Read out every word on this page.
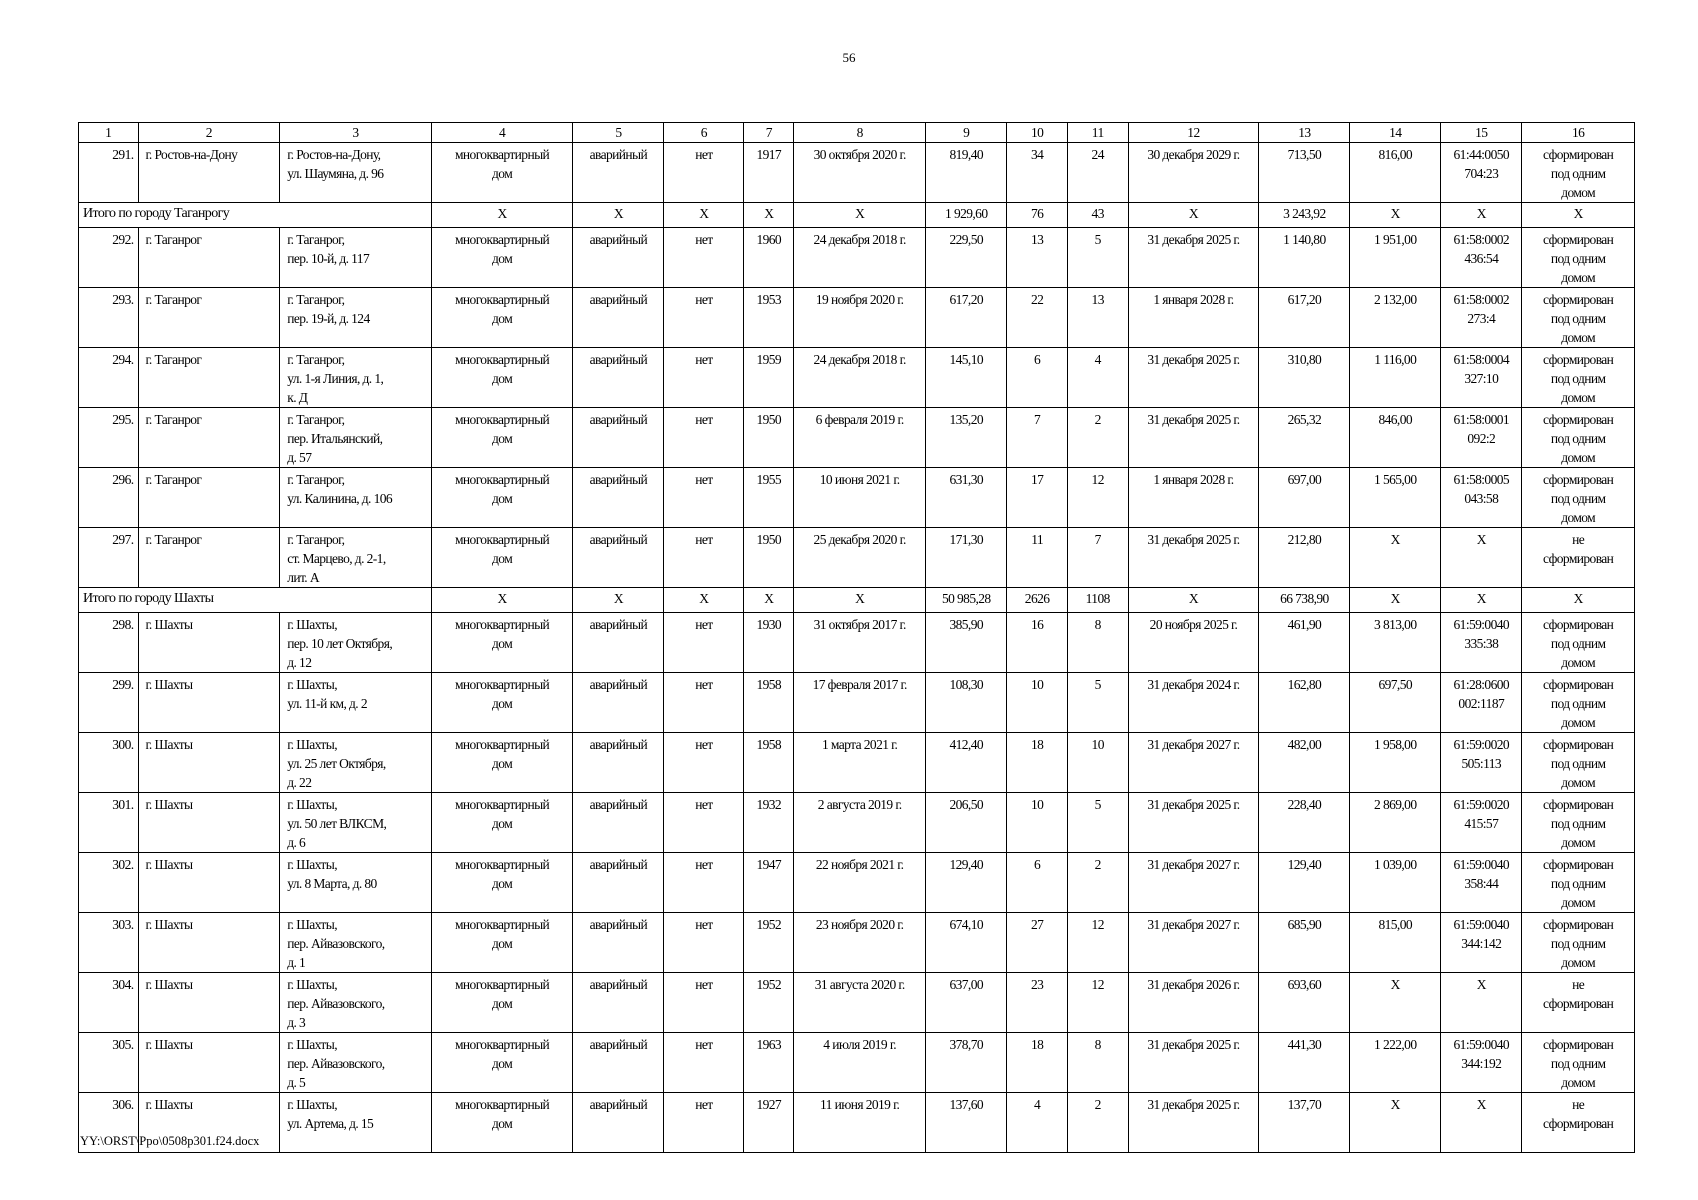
56
1	2	3	4	5	6	7	8	9	10	11	12	13	14	15	16
291.	г. Ростов-на-Дону	г. Ростов-на-Дону,
ул. Шаумяна, д. 96	многоквартирный
дом	аварийный	нет	1917	30 октября 2020 г.	819,40	34	24	30 декабря 2029 г.	713,50	816,00	61:44:0050
704:23	сформирован
под одним
домом
Итого по городу Таганрогу			Х	Х	Х	Х	Х	1 929,60	76	43	Х	3 243,92	Х	Х	Х
292.	г. Таганрог	г. Таганрог,
пер. 10-й, д. 117	многоквартирный
дом	аварийный	нет	1960	24 декабря 2018 г.	229,50	13	5	31 декабря 2025 г.	1 140,80	1 951,00	61:58:0002
436:54	сформирован
под одним
домом
293.	г. Таганрог	г. Таганрог,
пер. 19-й, д. 124	многоквартирный
дом	аварийный	нет	1953	19 ноября 2020 г.	617,20	22	13	1 января 2028 г.	617,20	2 132,00	61:58:0002
273:4	сформирован
под одним
домом
294.	г. Таганрог	г. Таганрог,
ул. 1-я Линия, д. 1,
к. Д	многоквартирный
дом	аварийный	нет	1959	24 декабря 2018 г.	145,10	6	4	31 декабря 2025 г.	310,80	1 116,00	61:58:0004
327:10	сформирован
под одним
домом
295.	г. Таганрог	г. Таганрог,
пер. Итальянский,
д. 57	многоквартирный
дом	аварийный	нет	1950	6 февраля 2019 г.	135,20	7	2	31 декабря 2025 г.	265,32	846,00	61:58:0001
092:2	сформирован
под одним
домом
296.	г. Таганрог	г. Таганрог,
ул. Калинина, д. 106	многоквартирный
дом	аварийный	нет	1955	10 июня 2021 г.	631,30	17	12	1 января 2028 г.	697,00	1 565,00	61:58:0005
043:58	сформирован
под одним
домом
297.	г. Таганрог	г. Таганрог,
ст. Марцево, д. 2-1,
лит. А	многоквартирный
дом	аварийный	нет	1950	25 декабря 2020 г.	171,30	11	7	31 декабря 2025 г.	212,80	Х	Х	не
сформирован
Итого по городу Шахты			Х	Х	Х	Х	Х	50 985,28	2626	1108	Х	66 738,90	Х	Х	Х
298.	г. Шахты	г. Шахты,
пер. 10 лет Октября,
д. 12	многоквартирный
дом	аварийный	нет	1930	31 октября 2017 г.	385,90	16	8	20 ноября 2025 г.	461,90	3 813,00	61:59:0040
335:38	сформирован
под одним
домом
299.	г. Шахты	г. Шахты,
ул. 11-й км, д. 2	многоквартирный
дом	аварийный	нет	1958	17 февраля 2017 г.	108,30	10	5	31 декабря 2024 г.	162,80	697,50	61:28:0600
002:1187	сформирован
под одним
домом
300.	г. Шахты	г. Шахты,
ул. 25 лет Октября,
д. 22	многоквартирный
дом	аварийный	нет	1958	1 марта 2021 г.	412,40	18	10	31 декабря 2027 г.	482,00	1 958,00	61:59:0020
505:113	сформирован
под одним
домом
301.	г. Шахты	г. Шахты,
ул. 50 лет ВЛКСМ,
д. 6	многоквартирный
дом	аварийный	нет	1932	2 августа 2019 г.	206,50	10	5	31 декабря 2025 г.	228,40	2 869,00	61:59:0020
415:57	сформирован
под одним
домом
302.	г. Шахты	г. Шахты,
ул. 8 Марта, д. 80	многоквартирный
дом	аварийный	нет	1947	22 ноября 2021 г.	129,40	6	2	31 декабря 2027 г.	129,40	1 039,00	61:59:0040
358:44	сформирован
под одним
домом
303.	г. Шахты	г. Шахты,
пер. Айвазовского,
д. 1	многоквартирный
дом	аварийный	нет	1952	23 ноября 2020 г.	674,10	27	12	31 декабря 2027 г.	685,90	815,00	61:59:0040
344:142	сформирован
под одним
домом
304.	г. Шахты	г. Шахты,
пер. Айвазовского,
д. 3	многоквартирный
дом	аварийный	нет	1952	31 августа 2020 г.	637,00	23	12	31 декабря 2026 г.	693,60	Х	Х	не
сформирован
305.	г. Шахты	г. Шахты,
пер. Айвазовского,
д. 5	многоквартирный
дом	аварийный	нет	1963	4 июля 2019 г.	378,70	18	8	31 декабря 2025 г.	441,30	1 222,00	61:59:0040
344:192	сформирован
под одним
домом
306.	г. Шахты	г. Шахты,
ул. Артема, д. 15	многоквартирный
дом	аварийный	нет	1927	11 июня 2019 г.	137,60	4	2	31 декабря 2025 г.	137,70	Х	Х	не
сформирован
YY:\ORST\Ppo\0508p301.f24.docx
